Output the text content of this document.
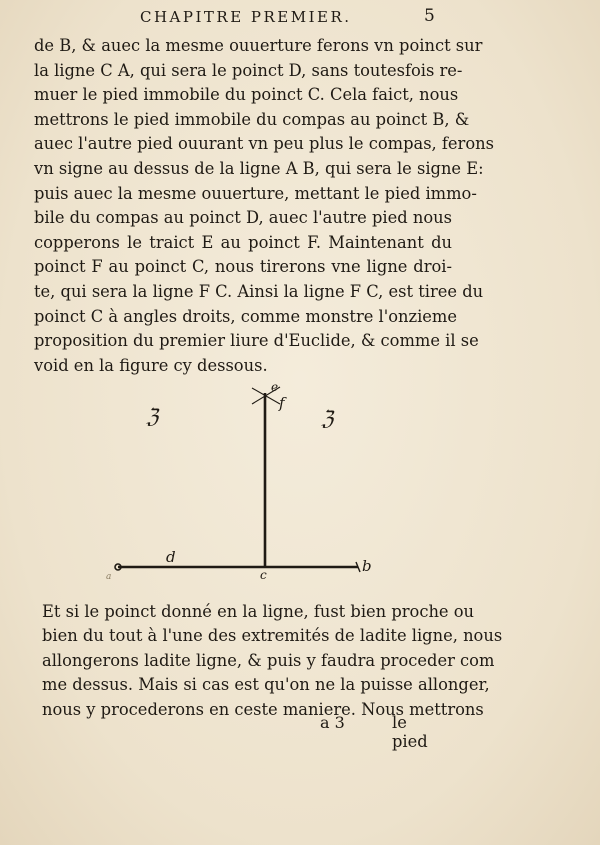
CHAPITRE PREMIER.	5
de B, & auec la mesme ouuerture ferons vn poinct sur
la ligne C A, qui sera le poinct D, sans toutesfois re-
muer le pied immobile du poinct C. Cela faict, nous
mettrons le pied immobile du compas au poinct B, &
auec l'autre pied ouurant vn peu plus le compas, ferons
vn signe au dessus de la ligne A B, qui sera le signe E:
puis auec la mesme ouuerture, mettant le pied immo-
bile du compas au poinct D, auec l'autre pied nous
copperons le traict E au poinct F. Maintenant du
poinct F au poinct C, nous tirerons vne ligne droi-
te, qui sera la ligne F C. Ainsi la ligne F C, est tiree du
poinct C à angles droits, comme monstre l'onzieme
proposition du premier liure d'Euclide, & comme il se
void en la figure cy dessous.
e
f
d
c	b
a
ℨ	ℨ
Et si le poinct donné en la ligne, fust bien proche ou
bien du tout à l'une des extremités de ladite ligne, nous
allongerons ladite ligne, & puis y faudra proceder com
me dessus. Mais si cas est qu'on ne la puisse allonger,
nous y procederons en ceste maniere. Nous mettrons
a 3	le pied
